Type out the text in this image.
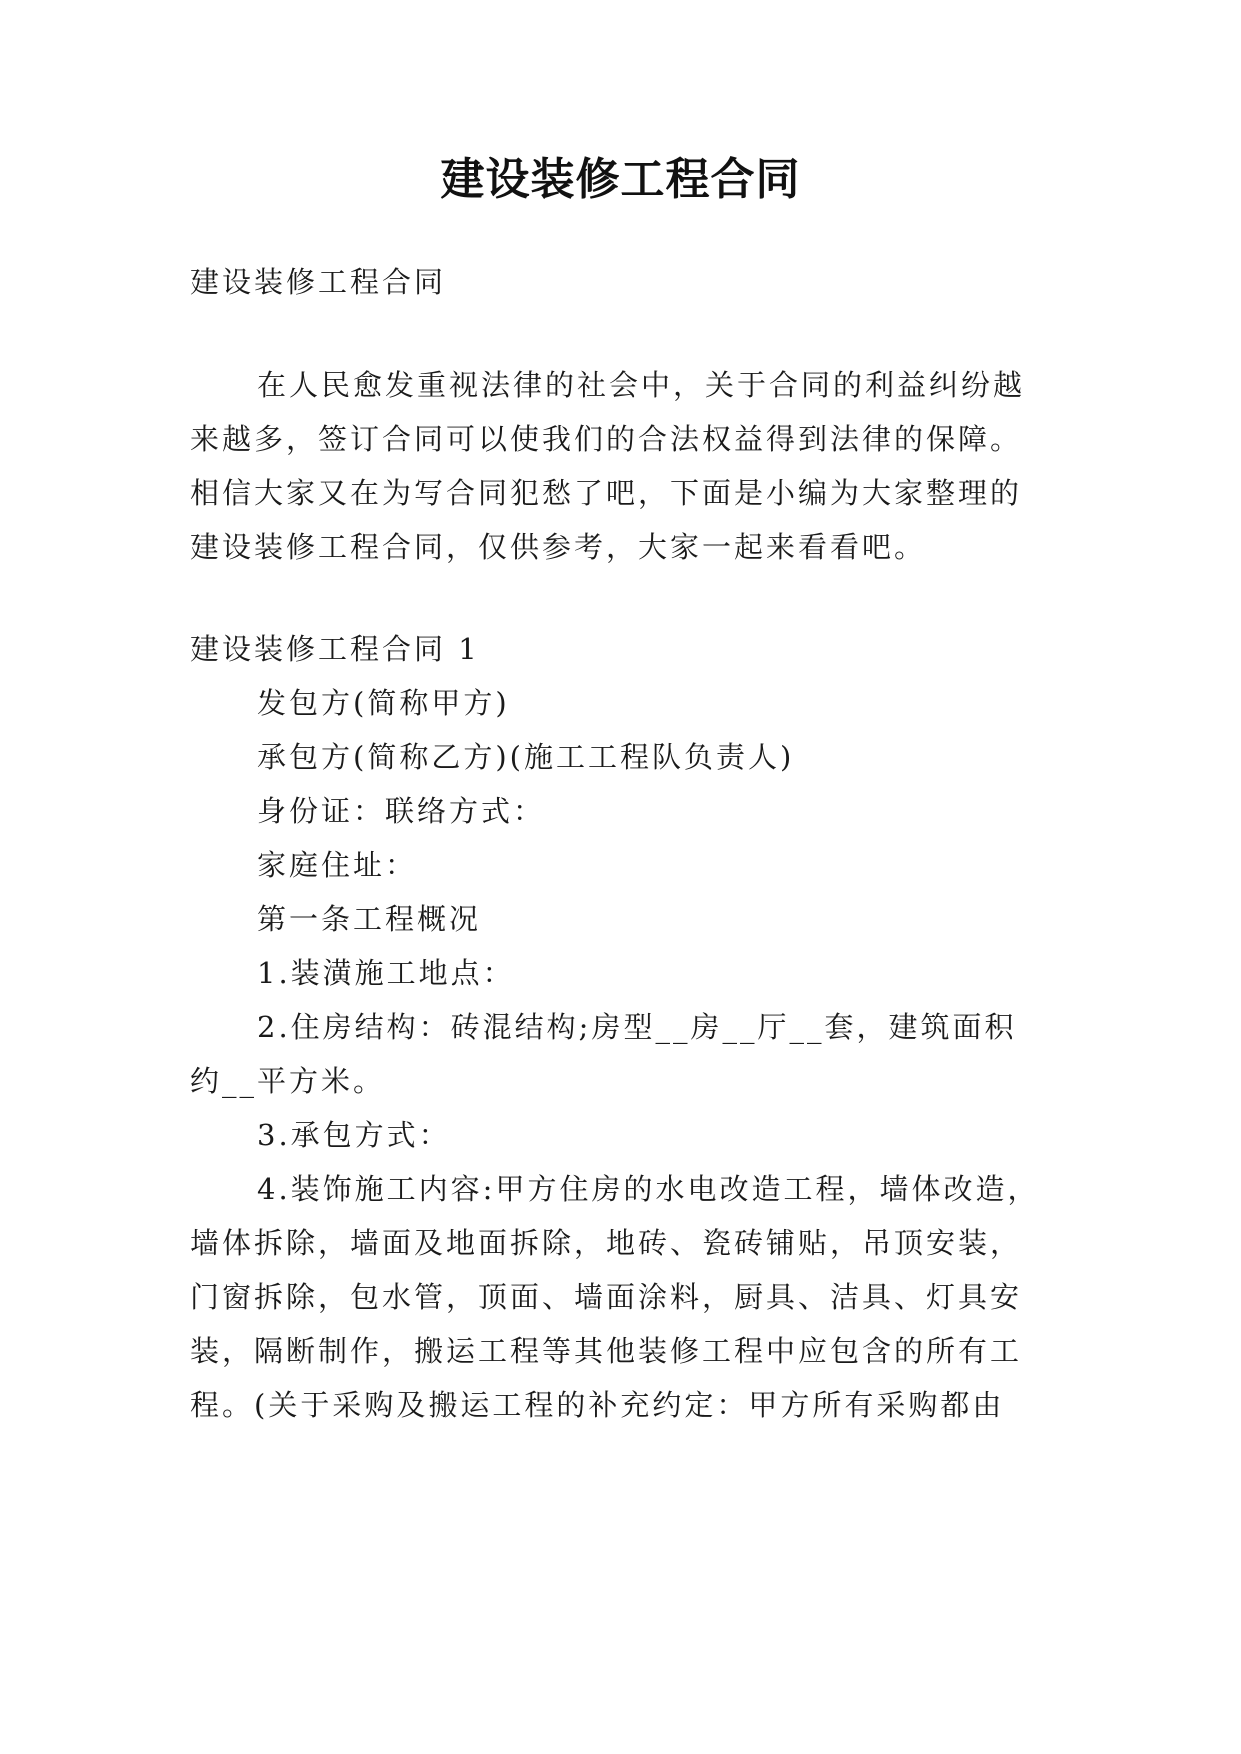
建设装修工程合同
建设装修工程合同
在人民愈发重视法律的社会中，关于合同的利益纠纷越
来越多，签订合同可以使我们的合法权益得到法律的保障。
相信大家又在为写合同犯愁了吧，下面是小编为大家整理的
建设装修工程合同，仅供参考，大家一起来看看吧。
建设装修工程合同 1
发包方(简称甲方)
承包方(简称乙方)(施工工程队负责人)
身份证：联络方式：
家庭住址：
第一条工程概况
1.装潢施工地点：
2.住房结构：砖混结构;房型__房__厅__套，建筑面积
约__平方米。
3.承包方式：
4.装饰施工内容:甲方住房的水电改造工程，墙体改造，
墙体拆除，墙面及地面拆除，地砖、瓷砖铺贴，吊顶安装，
门窗拆除，包水管，顶面、墙面涂料，厨具、洁具、灯具安
装，隔断制作，搬运工程等其他装修工程中应包含的所有工
程。(关于采购及搬运工程的补充约定：甲方所有采购都由
